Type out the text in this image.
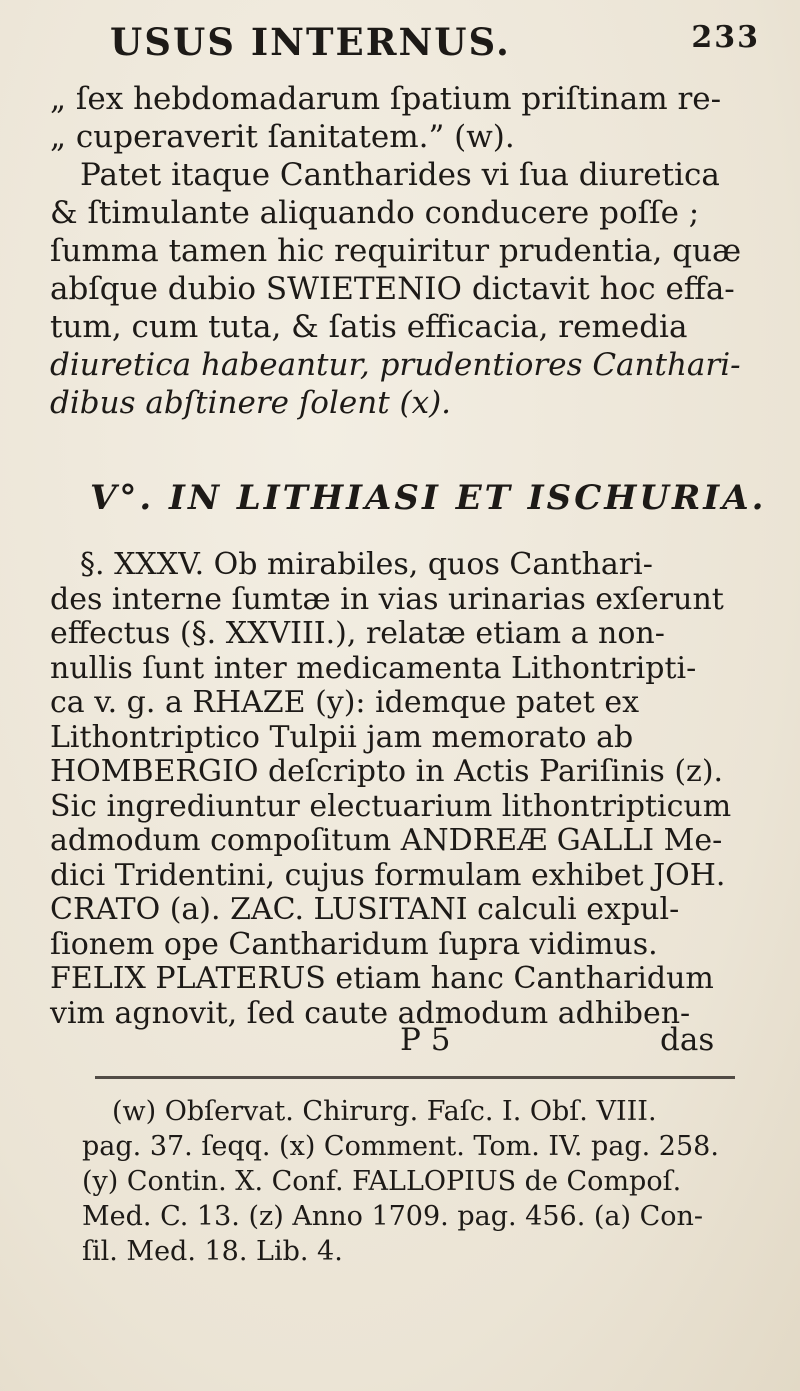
USUS INTERNUS.	233
„ ſex hebdomadarum ſpatium priſtinam re-
„ cuperaverit ſanitatem.” (w).
Patet itaque Cantharides vi ſua diuretica
& ſtimulante aliquando conducere poſſe ;
ſumma tamen hic requiritur prudentia, quæ
abſque dubio SWIETENIO dictavit hoc effa-
tum, cum tuta, & ſatis efficacia, remedia
diuretica habeantur, prudentiores Canthari-
dibus abſtinere ſolent (x).
V°. IN LITHIASI ET ISCHURIA.
§. XXXV. Ob mirabiles, quos Canthari-
des interne ſumtæ in vias urinarias exſerunt
effectus (§. XXVIII.), relatæ etiam a non-
nullis ſunt inter medicamenta Lithontripti-
ca v. g. a RHAZE (y): idemque patet ex
Lithontriptico Tulpii jam memorato ab
HOMBERGIO deſcripto in Actis Pariſinis (z).
Sic ingrediuntur electuarium lithontripticum
admodum compoſitum ANDREÆ GALLI Me-
dici Tridentini, cujus formulam exhibet JOH.
CRATO (a). ZAC. LUSITANI calculi expul-
ſionem ope Cantharidum ſupra vidimus.
FELIX PLATERUS etiam hanc Cantharidum
vim agnovit, ſed caute admodum adhiben-
P 5	das
(w) Obſervat. Chirurg. Faſc. I. Obſ. VIII.
pag. 37. ſeqq. (x) Comment. Tom. IV. pag. 258.
(y) Contin. X. Conf. FALLOPIUS de Compoſ.
Med. C. 13. (z) Anno 1709. pag. 456. (a) Con-
ſil. Med. 18. Lib. 4.
